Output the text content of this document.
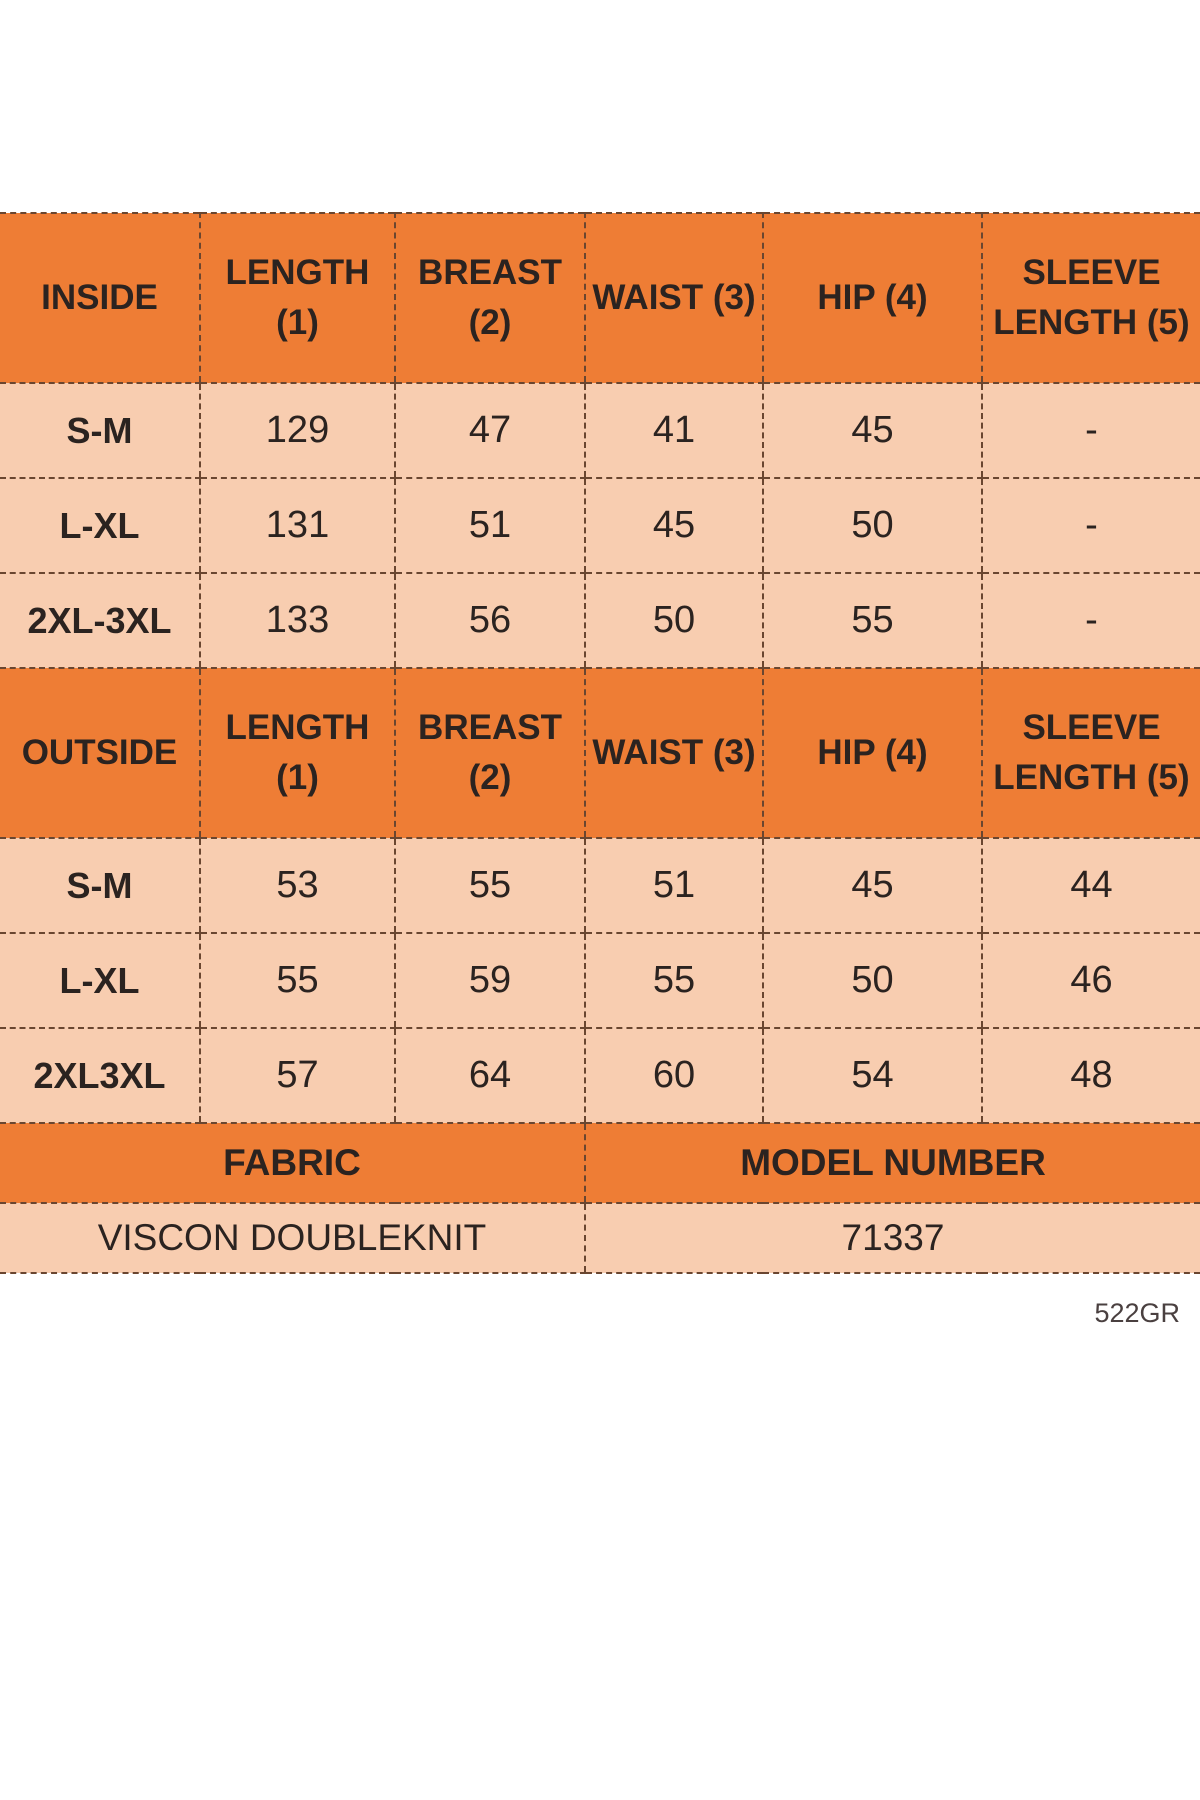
INSIDE	LENGTH (1)	BREAST (2)	WAIST (3)	HIP (4)	SLEEVE LENGTH (5)
S-M	129	47	41	45	-
L-XL	131	51	45	50	-
2XL-3XL	133	56	50	55	-
OUTSIDE	LENGTH (1)	BREAST (2)	WAIST (3)	HIP (4)	SLEEVE LENGTH (5)
S-M	53	55	51	45	44
L-XL	55	59	55	50	46
2XL3XL	57	64	60	54	48
FABRIC			MODEL NUMBER		
VISCON DOUBLEKNIT			71337		
522GR
